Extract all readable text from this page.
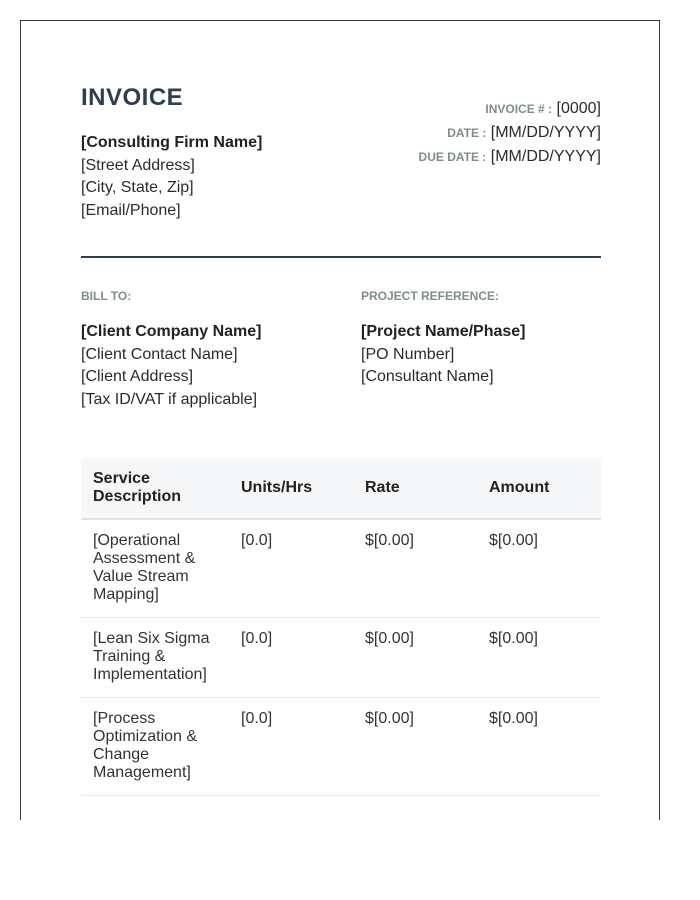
INVOICE
[Consulting Firm Name]
[Street Address]
[City, State, Zip]
[Email/Phone]
INVOICE # : [0000]
DATE : [MM/DD/YYYY]
DUE DATE : [MM/DD/YYYY]
BILL TO:	PROJECT REFERENCE:
[Client Company Name]
[Client Contact Name]
[Client Address]
[Tax ID/VAT if applicable]
[Project Name/Phase]
[PO Number]
[Consultant Name]
Service Description	Units/Hrs	Rate	Amount
[Operational Assessment & Value Stream Mapping]	[0.0]	$[0.00]	$[0.00]
[Lean Six Sigma Training & Implementation]	[0.0]	$[0.00]	$[0.00]
[Process Optimization & Change Management]	[0.0]	$[0.00]	$[0.00]
